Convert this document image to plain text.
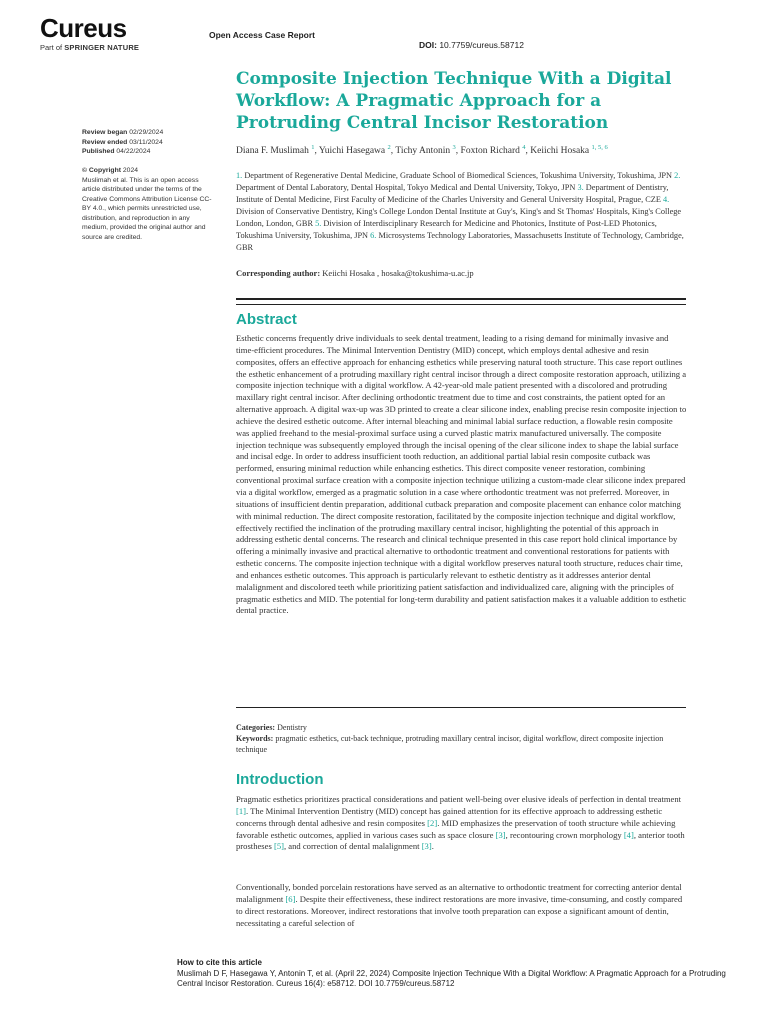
Cureus
Part of SPRINGER NATURE
Open Access Case Report
DOI: 10.7759/cureus.58712
Review began 02/29/2024
Review ended 03/11/2024
Published 04/22/2024
© Copyright 2024
Muslimah et al. This is an open access article distributed under the terms of the Creative Commons Attribution License CC-BY 4.0., which permits unrestricted use, distribution, and reproduction in any medium, provided the original author and source are credited.
Composite Injection Technique With a Digital Workflow: A Pragmatic Approach for a Protruding Central Incisor Restoration
Diana F. Muslimah $^1$, Yuichi Hasegawa $^2$, Tichy Antonin $^3$, Foxton Richard $^4$, Keiichi Hosaka $^{1, 5, 6}$
1. Department of Regenerative Dental Medicine, Graduate School of Biomedical Sciences, Tokushima University, Tokushima, JPN 2. Department of Dental Laboratory, Dental Hospital, Tokyo Medical and Dental University, Tokyo, JPN 3. Department of Dentistry, Institute of Dental Medicine, First Faculty of Medicine of the Charles University and General University Hospital, Prague, CZE 4. Division of Conservative Dentistry, King's College London Dental Institute at Guy's, King's and St Thomas' Hospitals, King's College London, London, GBR 5. Division of Interdisciplinary Research for Medicine and Photonics, Institute of Post-LED Photonics, Tokushima University, Tokushima, JPN 6. Microsystems Technology Laboratories, Massachusetts Institute of Technology, Cambridge, GBR
Corresponding author: Keiichi Hosaka , hosaka@tokushima-u.ac.jp
Abstract
Esthetic concerns frequently drive individuals to seek dental treatment, leading to a rising demand for minimally invasive and time-efficient procedures. The Minimal Intervention Dentistry (MID) concept, which employs dental adhesive and resin composites, offers an effective approach for enhancing esthetics while preserving natural tooth structure. This case report outlines the esthetic enhancement of a protruding maxillary right central incisor through a direct composite restoration approach, utilizing a composite injection technique with a digital workflow. A 42-year-old male patient presented with a discolored and protruding maxillary right central incisor. After declining orthodontic treatment due to time and cost constraints, the patient opted for an alternative approach. A digital wax-up was 3D printed to create a clear silicone index, enabling precise resin composite injection to achieve the desired esthetic outcome. After internal bleaching and minimal labial surface reduction, a flowable resin composite was applied freehand to the mesial-proximal surface using a curved plastic matrix manufactured universally. The composite injection technique was subsequently employed through the incisal opening of the clear silicone index to shape the labial surface and incisal edge. In order to address insufficient tooth reduction, an additional partial labial resin composite cutback was performed, ensuring minimal reduction while enhancing esthetics. This direct composite veneer restoration, combining conventional proximal surface creation with a composite injection technique utilizing a custom-made clear silicone index prepared via a digital workflow, emerged as a pragmatic solution in a case where orthodontic treatment was not preferred. Moreover, in situations of insufficient dentin preparation, additional cutback preparation and composite placement can enhance color matching with minimal reduction. The direct composite restoration, facilitated by the composite injection technique and digital workflow, effectively rectified the inclination of the protruding maxillary central incisor, highlighting the potential of this approach in addressing esthetic dental concerns. The research and clinical technique presented in this case report hold clinical importance by offering a minimally invasive and practical alternative to orthodontic treatment and conventional restorations for patients with esthetic concerns. The composite injection technique with a digital workflow preserves natural tooth structure, reduces chair time, and enhances esthetic outcomes. This approach is particularly relevant to esthetic dentistry as it addresses anterior dental malalignment and discolored teeth while prioritizing patient satisfaction and individualized care, aligning with the principles of pragmatic esthetics and MID. The potential for long-term durability and patient satisfaction makes it a valuable addition to esthetic dental practice.
Categories: Dentistry
Keywords: pragmatic esthetics, cut-back technique, protruding maxillary central incisor, digital workflow, direct composite injection technique
Introduction
Pragmatic esthetics prioritizes practical considerations and patient well-being over elusive ideals of perfection in dental treatment [1]. The Minimal Intervention Dentistry (MID) concept has gained attention for its effective approach to addressing esthetic concerns through dental adhesive and resin composites [2]. MID emphasizes the preservation of tooth structure while achieving favorable esthetic outcomes, applied in various cases such as space closure [3], recontouring crown morphology [4], anterior tooth prostheses [5], and correction of dental malalignment [3].
Conventionally, bonded porcelain restorations have served as an alternative to orthodontic treatment for correcting anterior dental malalignment [6]. Despite their effectiveness, these indirect restorations are more invasive, time-consuming, and costly compared to direct restorations. Moreover, indirect restorations that involve tooth preparation can expose a significant amount of dentin, necessitating a careful selection of
How to cite this article
Muslimah D F, Hasegawa Y, Antonin T, et al. (April 22, 2024) Composite Injection Technique With a Digital Workflow: A Pragmatic Approach for a Protruding Central Incisor Restoration. Cureus 16(4): e58712. DOI 10.7759/cureus.58712
